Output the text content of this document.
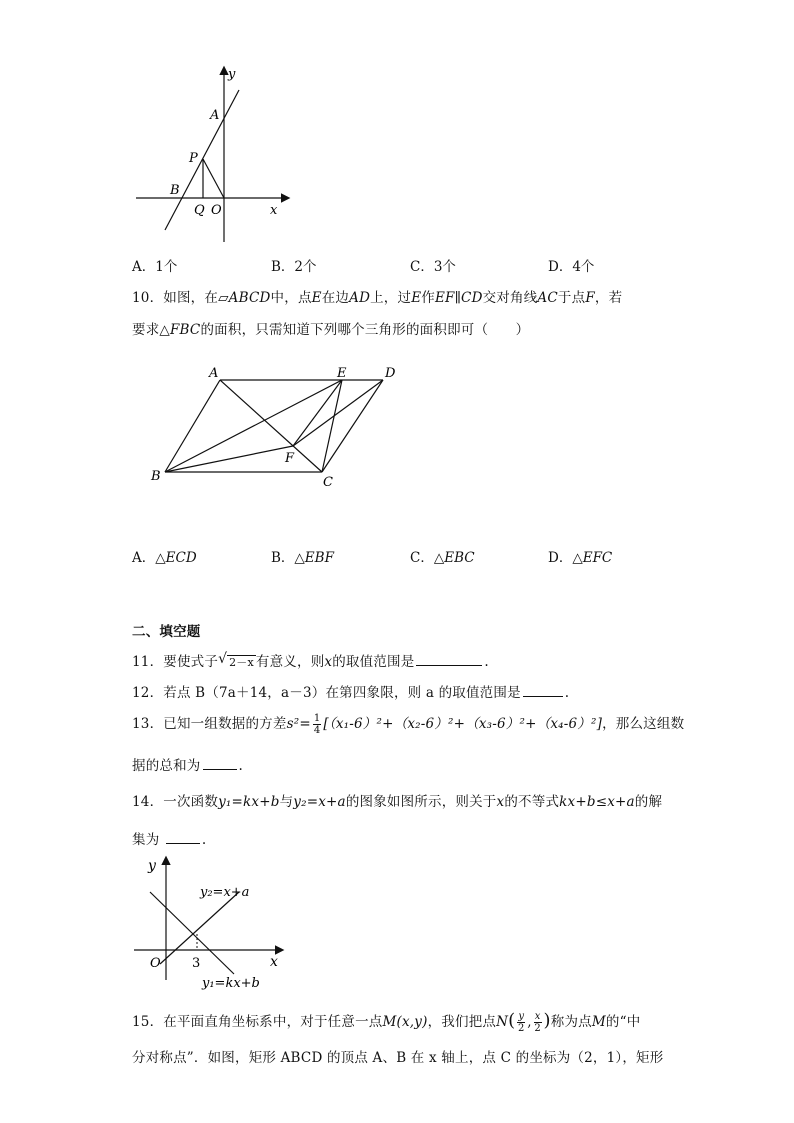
y
x
A
P
B
Q O
A．1个	B．2个	C．3个	D．4个
10．如图，在▱ABCD中，点E在边AD上，过E作EF∥CD交对角线AC于点F，若
要求△FBC的面积，只需知道下列哪个三角形的面积即可（　　）
A	E	D
F
B	C
A．△ECD	B．△EBF	C．△EBC	D．△EFC
二、填空题
11．要使式子 √ 2－x 有意义，则x的取值范围是	.
12．若点 B（7a＋14，a－3）在第四象限，则 a 的取值范围是	.
13．已知一组数据的方差$s^2= \frac{1}{4} [(x_1-6)^2+(x_2-6)^2+(x_3-6)^2+(x_4-6)^2]$，那么这组数
据的总和为	.
14．一次函数y₁=kx+b与y₂=x+a的图象如图所示，则关于x的不等式kx+b≤x+a的解
集为	.
y
x
O 3
y₂=x+a
y₁=kx+b
15．在平面直角坐标系中，对于任意一点M(x,y)，我们把点$N( \frac{y}{2}$ , $\frac{x}{2}$ )称为点M的“中
分对称点”．如图，矩形 ABCD 的顶点 A、B 在 x 轴上，点 C 的坐标为（2，1），矩形
